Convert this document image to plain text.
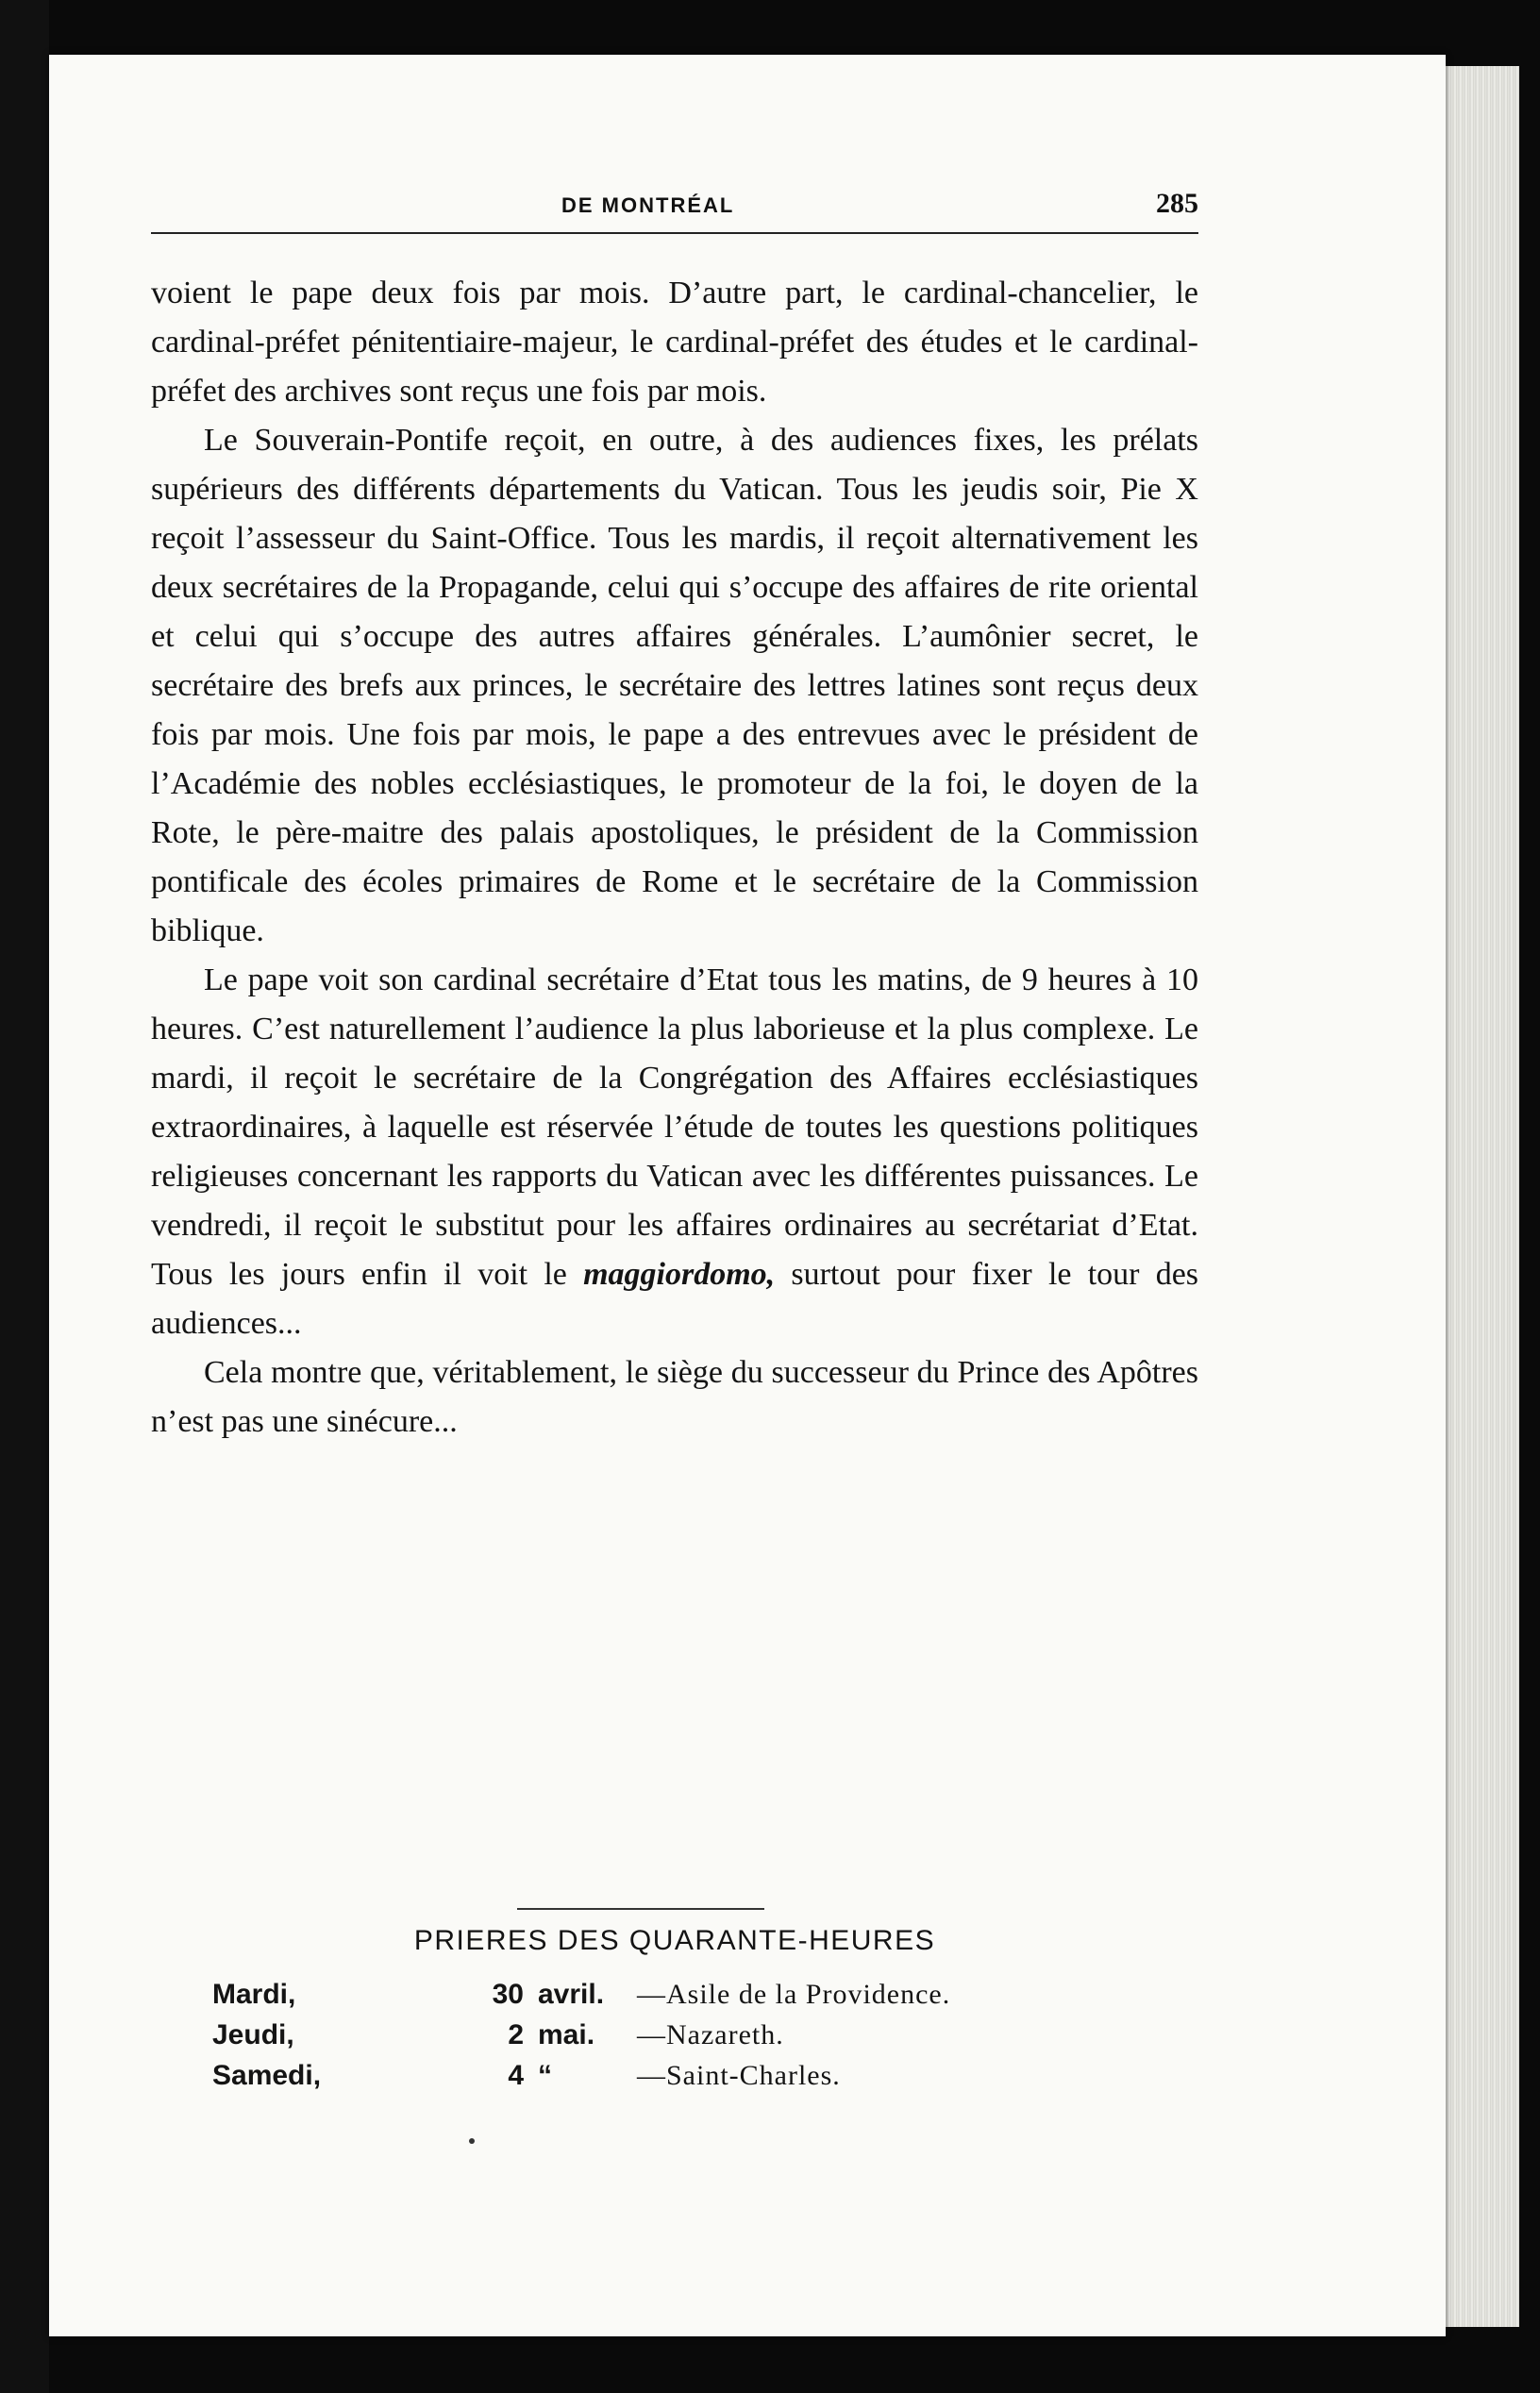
DE MONTRÉAL	285

voient le pape deux fois par mois. D’autre part, le cardinal-chancelier, le cardinal-préfet pénitentiaire-majeur, le cardinal-préfet des études et le cardinal-préfet des archives sont reçus une fois par mois.

Le Souverain-Pontife reçoit, en outre, à des audiences fixes, les prélats supérieurs des différents départements du Vatican. Tous les jeudis soir, Pie X reçoit l’assesseur du Saint-Office. Tous les mardis, il reçoit alternativement les deux secrétaires de la Propagande, celui qui s’occupe des affaires de rite oriental et celui qui s’occupe des autres affaires générales. L’aumônier secret, le secrétaire des brefs aux princes, le secrétaire des lettres latines sont reçus deux fois par mois. Une fois par mois, le pape a des entrevues avec le président de l’Académie des nobles ecclésiastiques, le promoteur de la foi, le doyen de la Rote, le père-maitre des palais apostoliques, le président de la Commission pontificale des écoles primaires de Rome et le secrétaire de la Commission biblique.

Le pape voit son cardinal secrétaire d’Etat tous les matins, de 9 heures à 10 heures. C’est naturellement l’audience la plus laborieuse et la plus complexe. Le mardi, il reçoit le secrétaire de la Congrégation des Affaires ecclésiastiques extraordinaires, à laquelle est réservée l’étude de toutes les questions politiques religieuses concernant les rapports du Vatican avec les différentes puissances. Le vendredi, il reçoit le substitut pour les affaires ordinaires au secrétariat d’Etat. Tous les jours enfin il voit le maggiordomo, surtout pour fixer le tour des audiences...

Cela montre que, véritablement, le siège du successeur du Prince des Apôtres n’est pas une sinécure...

PRIERES DES QUARANTE-HEURES
Mardi,	30 avril. —Asile de la Providence.
Jeudi,	2 mai. —Nazareth.
Samedi,	4 “	—Saint-Charles.
